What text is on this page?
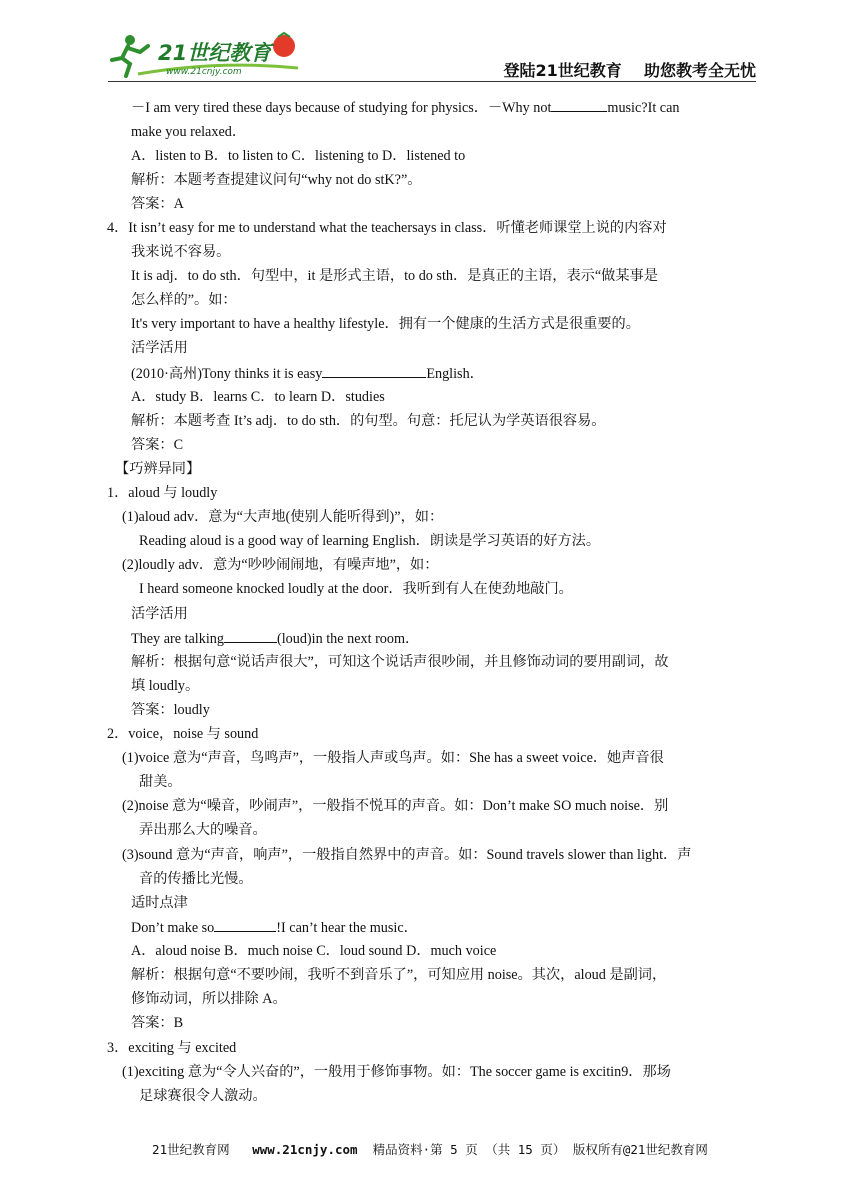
21世纪教育
www.21cnjy.com	登陆21世纪教育    助您教考全无忧
－I am very tired these days because of studying for physics．－Why not	music?It can
make you relaxed．
A．listen to B．to listen to C．listening to D．listened to
解析：本题考查提建议问句“why not do stK?”。
答案：A
4．It isn’t easy for me to understand what the teachersays in class．听懂老师课堂上说的内容对
我来说不容易。
It is adj．to do sth．句型中，it 是形式主语，to do sth．是真正的主语，表示“做某事是
怎么样的”。如：
It's very important to have a healthy lifestyle．拥有一个健康的生活方式是很重要的。
活学活用
(2010·高州)Tony thinks it is easy	English．
A．study B．learns C．to learn D．studies
解析：本题考查 It’s adj．to do sth．的句型。句意：托尼认为学英语很容易。
答案：C
【巧辨异同】
1．aloud 与 loudly
(1)aloud adv．意为“大声地(使别人能听得到)”，如：
Reading aloud is a good way of learning English．朗读是学习英语的好方法。
(2)loudly adv．意为“吵吵闹闹地，有噪声地”，如：
I heard someone knocked loudly at the door．我听到有人在使劲地敲门。
活学活用
They are talking	(loud)in the next room．
解析：根据句意“说话声很大”，可知这个说话声很吵闹，并且修饰动词的要用副词，故
填 loudly。
答案：loudly
2．voice，noise 与 sound
(1)voice 意为“声音，鸟鸣声”，一般指人声或鸟声。如：She has a sweet voice．她声音很
甜美。
(2)noise 意为“噪音，吵闹声”，一般指不悦耳的声音。如：Don’t make SO much noise．别
弄出那么大的噪音。
(3)sound 意为“声音，响声”，一般指自然界中的声音。如：Sound travels slower than light．声
音的传播比光慢。
适时点津
Don’t make so	!I can’t hear the music．
A．aloud noise B．much noise C．loud sound D．much voice
解析：根据句意“不要吵闹，我听不到音乐了”，可知应用 noise。其次，aloud 是副词，
修饰动词，所以排除 A。
答案：B
3．exciting 与 excited
(1)exciting 意为“令人兴奋的”，一般用于修饰事物。如：The soccer game is excitin9．那场
足球赛很令人激动。
21世纪教育网   www.21cnjy.com  精品资料·第 5 页 （共 15 页） 版权所有@21世纪教育网
